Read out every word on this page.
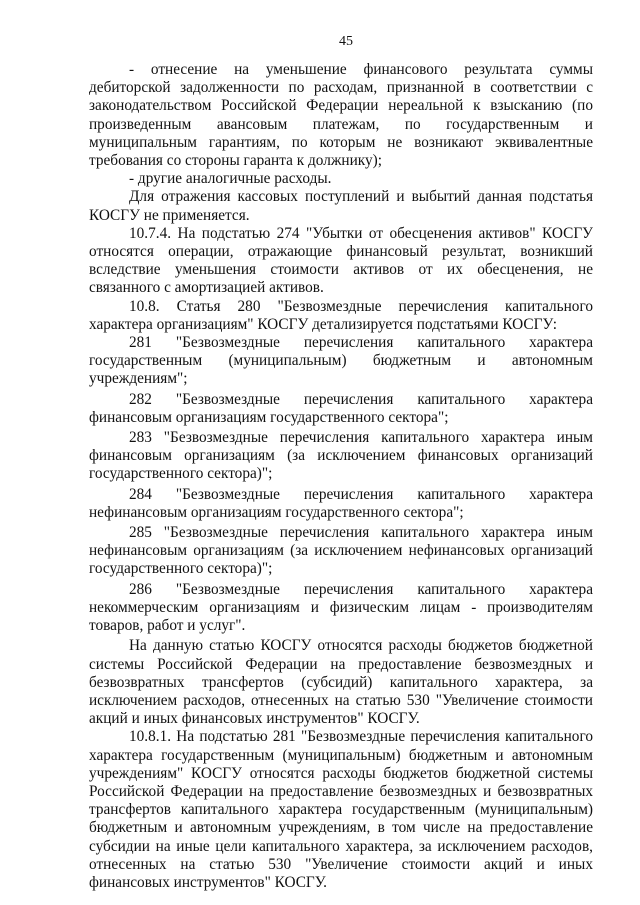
45

- отнесение на уменьшение финансового результата суммы дебиторской задолженности по расходам, признанной в соответствии с законодательством Российской Федерации нереальной к взысканию (по произведенным авансовым платежам, по государственным и муниципальным гарантиям, по которым не возникают эквивалентные требования со стороны гаранта к должнику);

- другие аналогичные расходы.

Для отражения кассовых поступлений и выбытий данная подстатья КОСГУ не применяется.

10.7.4. На подстатью 274 "Убытки от обесценения активов" КОСГУ относятся операции, отражающие финансовый результат, возникший вследствие уменьшения стоимости активов от их обесценения, не связанного с амортизацией активов.

10.8. Статья 280 "Безвозмездные перечисления капитального характера организациям" КОСГУ детализируется подстатьями КОСГУ:

281 "Безвозмездные перечисления капитального характера государственным (муниципальным) бюджетным и автономным учреждениям";

282 "Безвозмездные перечисления капитального характера финансовым организациям государственного сектора";

283 "Безвозмездные перечисления капитального характера иным финансовым организациям (за исключением финансовых организаций государственного сектора)";

284 "Безвозмездные перечисления капитального характера нефинансовым организациям государственного сектора";

285 "Безвозмездные перечисления капитального характера иным нефинансовым организациям (за исключением нефинансовых организаций государственного сектора)";

286 "Безвозмездные перечисления капитального характера некоммерческим организациям и физическим лицам - производителям товаров, работ и услуг".

На данную статью КОСГУ относятся расходы бюджетов бюджетной системы Российской Федерации на предоставление безвозмездных и безвозвратных трансфертов (субсидий) капитального характера, за исключением расходов, отнесенных на статью 530 "Увеличение стоимости акций и иных финансовых инструментов" КОСГУ.

10.8.1. На подстатью 281 "Безвозмездные перечисления капитального характера государственным (муниципальным) бюджетным и автономным учреждениям" КОСГУ относятся расходы бюджетов бюджетной системы Российской Федерации на предоставление безвозмездных и безвозвратных трансфертов капитального характера государственным (муниципальным) бюджетным и автономным учреждениям, в том числе на предоставление субсидии на иные цели капитального характера, за исключением расходов, отнесенных на статью 530 "Увеличение стоимости акций и иных финансовых инструментов" КОСГУ.
